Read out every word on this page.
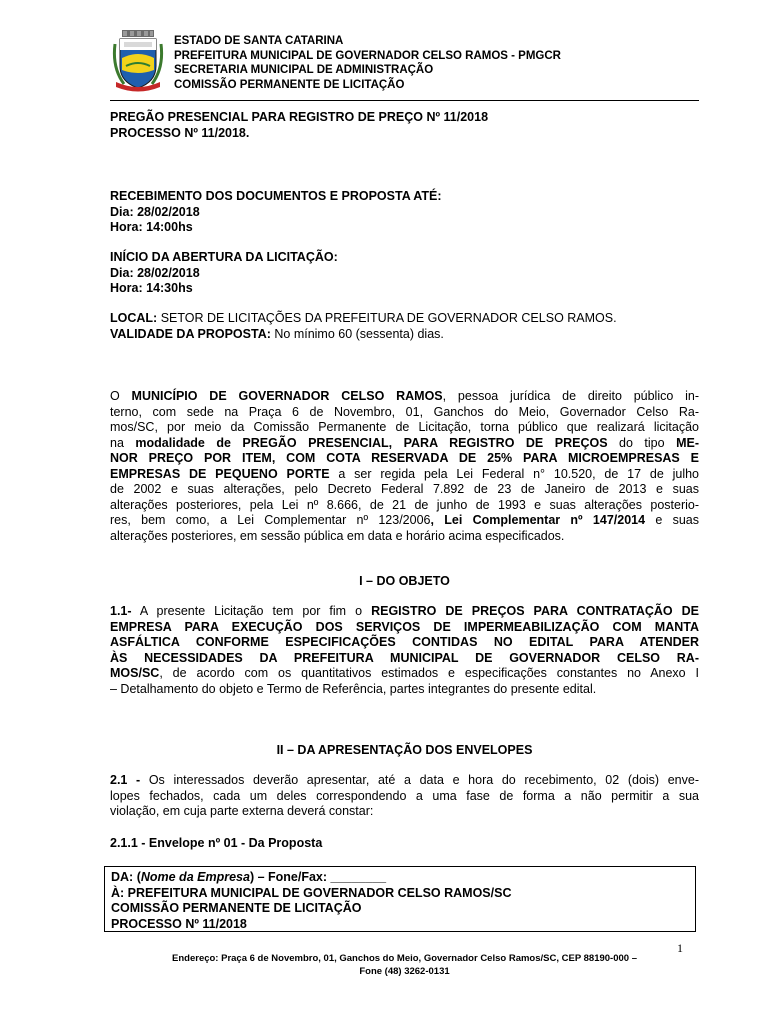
ESTADO DE SANTA CATARINA
PREFEITURA MUNICIPAL DE GOVERNADOR CELSO RAMOS - PMGCR
SECRETARIA MUNICIPAL DE ADMINISTRAÇÃO
COMISSÃO PERMANENTE DE LICITAÇÃO
PREGÃO PRESENCIAL PARA REGISTRO DE PREÇO Nº 11/2018
PROCESSO Nº 11/2018.
RECEBIMENTO DOS DOCUMENTOS E PROPOSTA ATÉ:
Dia: 28/02/2018
Hora: 14:00hs
INÍCIO DA ABERTURA DA LICITAÇÃO:
Dia: 28/02/2018
Hora: 14:30hs
LOCAL: SETOR DE LICITAÇÕES DA PREFEITURA DE GOVERNADOR CELSO RAMOS.
VALIDADE DA PROPOSTA: No mínimo 60 (sessenta) dias.
O MUNICÍPIO DE GOVERNADOR CELSO RAMOS, pessoa jurídica de direito público in-
terno, com sede na Praça 6 de Novembro, 01, Ganchos do Meio, Governador Celso Ra-
mos/SC, por meio da Comissão Permanente de Licitação, torna público que realizará licitação
na modalidade de PREGÃO PRESENCIAL, PARA REGISTRO DE PREÇOS do tipo ME-
NOR PREÇO POR ITEM, COM COTA RESERVADA DE 25% PARA MICROEMPRESAS E
EMPRESAS DE PEQUENO PORTE a ser regida pela Lei Federal n° 10.520, de 17 de julho
de 2002 e suas alterações, pelo Decreto Federal 7.892 de 23 de Janeiro de 2013 e suas
alterações posteriores, pela Lei nº 8.666, de 21 de junho de 1993 e suas alterações posterio-
res, bem como, a Lei Complementar nº 123/2006, Lei Complementar nº 147/2014 e suas
alterações posteriores, em sessão pública em data e horário acima especificados.
I – DO OBJETO
1.1- A presente Licitação tem por fim o REGISTRO DE PREÇOS PARA CONTRATAÇÃO DE
EMPRESA PARA EXECUÇÃO DOS SERVIÇOS DE IMPERMEABILIZAÇÃO COM MANTA
ASFÁLTICA CONFORME ESPECIFICAÇÕES CONTIDAS NO EDITAL PARA ATENDER
ÀS NECESSIDADES DA PREFEITURA MUNICIPAL DE GOVERNADOR CELSO RA-
MOS/SC, de acordo com os quantitativos estimados e especificações constantes no Anexo I
– Detalhamento do objeto e Termo de Referência, partes integrantes do presente edital.
II – DA APRESENTAÇÃO DOS ENVELOPES
2.1 - Os interessados deverão apresentar, até a data e hora do recebimento, 02 (dois) enve-
lopes fechados, cada um deles correspondendo a uma fase de forma a não permitir a sua
violação, em cuja parte externa deverá constar:
2.1.1 - Envelope nº 01 - Da Proposta
DA: (Nome da Empresa) – Fone/Fax: ________
À: PREFEITURA MUNICIPAL DE GOVERNADOR CELSO RAMOS/SC
COMISSÃO PERMANENTE DE LICITAÇÃO
PROCESSO Nº 11/2018
1
Endereço: Praça 6 de Novembro, 01, Ganchos do Meio, Governador Celso Ramos/SC, CEP 88190-000 –
Fone (48) 3262-0131
